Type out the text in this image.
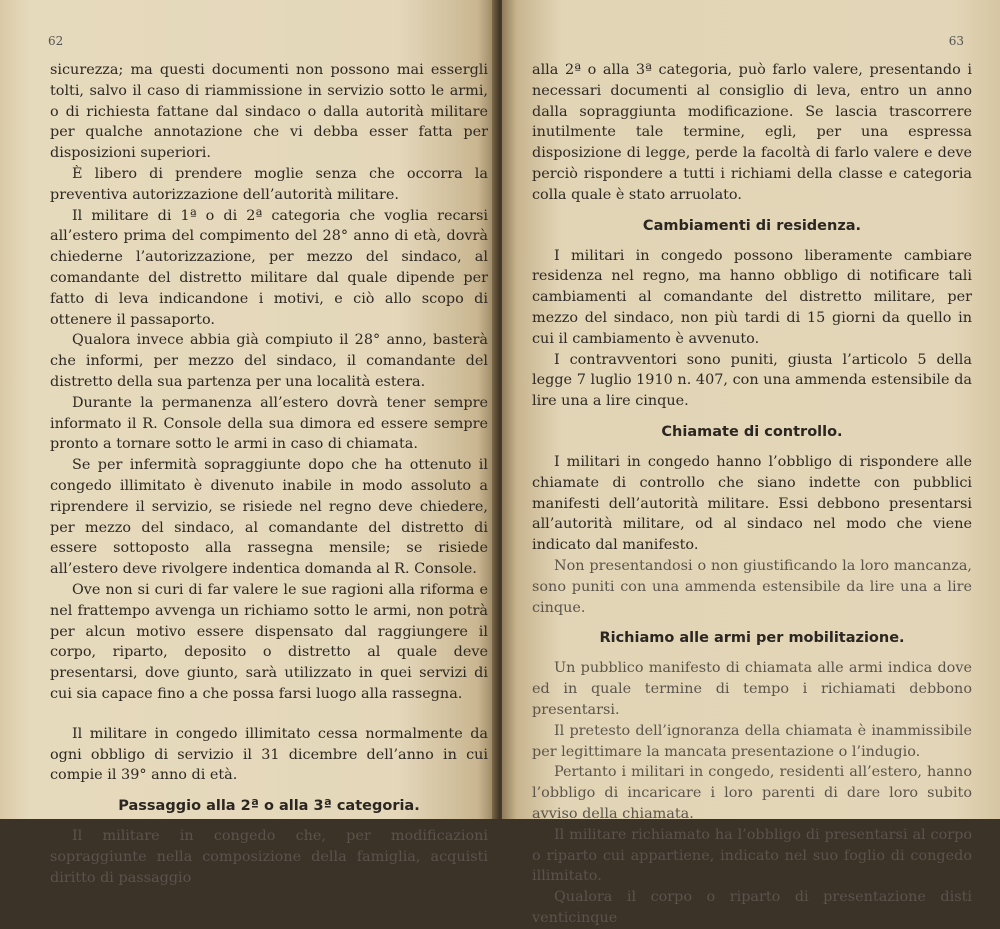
62

sicurezza; ma questi documenti non possono mai essergli tolti, salvo il caso di riammissione in servizio sotto le armi, o di richiesta fattane dal sindaco o dalla autorità militare per qualche annotazione che vi debba esser fatta per disposizioni superiori.

È libero di prendere moglie senza che occorra la preventiva autorizzazione dell’autorità militare.

Il militare di 1ª o di 2ª categoria che voglia recarsi all’estero prima del compimento del 28° anno di età, dovrà chiederne l’autorizzazione, per mezzo del sindaco, al comandante del distretto militare dal quale dipende per fatto di leva indicandone i motivi, e ciò allo scopo di ottenere il passaporto.

Qualora invece abbia già compiuto il 28° anno, basterà che informi, per mezzo del sindaco, il comandante del distretto della sua partenza per una località estera.

Durante la permanenza all’estero dovrà tener sempre informato il R. Console della sua dimora ed essere sempre pronto a tornare sotto le armi in caso di chiamata.

Se per infermità sopraggiunte dopo che ha ottenuto il congedo illimitato è divenuto inabile in modo assoluto a riprendere il servizio, se risiede nel regno deve chiedere, per mezzo del sindaco, al comandante del distretto di essere sottoposto alla rassegna mensile; se risiede all’estero deve rivolgere indentica domanda al R. Console.

Ove non si curi di far valere le sue ragioni alla riforma e nel frattempo avvenga un richiamo sotto le armi, non potrà per alcun motivo essere dispensato dal raggiungere il corpo, riparto, deposito o distretto al quale deve presentarsi, dove giunto, sarà utilizzato in quei servizi di cui sia capace fino a che possa farsi luogo alla rassegna.

Il militare in congedo illimitato cessa normalmente da ogni obbligo di servizio il 31 dicembre dell’anno in cui compie il 39° anno di età.

Passaggio alla 2ª o alla 3ª categoria.

Il militare in congedo che, per modificazioni sopraggiunte nella composizione della famiglia, acquisti diritto di passaggio

63

alla 2ª o alla 3ª categoria, può farlo valere, presentando i necessari documenti al consiglio di leva, entro un anno dalla sopraggiunta modificazione. Se lascia trascorrere inutilmente tale termine, egli, per una espressa disposizione di legge, perde la facoltà di farlo valere e deve perciò rispondere a tutti i richiami della classe e categoria colla quale è stato arruolato.

Cambiamenti di residenza.

I militari in congedo possono liberamente cambiare residenza nel regno, ma hanno obbligo di notificare tali cambiamenti al comandante del distretto militare, per mezzo del sindaco, non più tardi di 15 giorni da quello in cui il cambiamento è avvenuto.

I contravventori sono puniti, giusta l’articolo 5 della legge 7 luglio 1910 n. 407, con una ammenda estensibile da lire una a lire cinque.

Chiamate di controllo.

I militari in congedo hanno l’obbligo di rispondere alle chiamate di controllo che siano indette con pubblici manifesti dell’autorità militare. Essi debbono presentarsi all’autorità militare, od al sindaco nel modo che viene indicato dal manifesto.

Non presentandosi o non giustificando la loro mancanza, sono puniti con una ammenda estensibile da lire una a lire cinque.

Richiamo alle armi per mobilitazione.

Un pubblico manifesto di chiamata alle armi indica dove ed in quale termine di tempo i richiamati debbono presentarsi.

Il pretesto dell’ignoranza della chiamata è inammissibile per legittimare la mancata presentazione o l’indugio.

Pertanto i militari in congedo, residenti all’estero, hanno l’obbligo di incaricare i loro parenti di dare loro subito avviso della chiamata.

Il militare richiamato ha l’obbligo di presentarsi al corpo o riparto cui appartiene, indicato nel suo foglio di congedo illimitato.

Qualora il corpo o riparto di presentazione disti venticinque
